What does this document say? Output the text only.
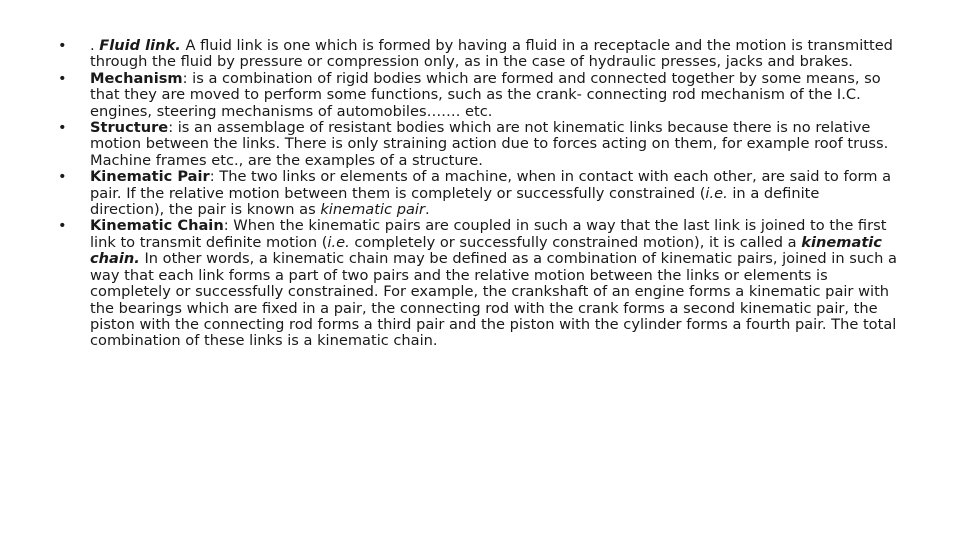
•	. Fluid link. A fluid link is one which is formed by having a fluid in a receptacle and the motion is transmitted through the fluid by pressure or compression only, as in the case of hydraulic presses, jacks and brakes.
•	Mechanism: is a combination of rigid bodies which are formed and connected together by some means, so that they are moved to perform some functions, such as the crank- connecting rod mechanism of the I.C. engines, steering mechanisms of automobiles……. etc.
•	Structure: is an assemblage of resistant bodies which are not kinematic links because there is no relative motion between the links. There is only straining action due to forces acting on them, for example roof truss. Machine frames etc., are the examples of a structure.
•	Kinematic Pair: The two links or elements of a machine, when in contact with each other, are said to form a pair. If the relative motion between them is completely or successfully constrained (i.e. in a definite direction), the pair is known as kinematic pair.
•	Kinematic Chain: When the kinematic pairs are coupled in such a way that the last link is joined to the first link to transmit definite motion (i.e. completely or successfully constrained motion), it is called a kinematic chain. In other words, a kinematic chain may be defined as a combination of kinematic pairs, joined in such a way that each link forms a part of two pairs and the relative motion between the links or elements is completely or successfully constrained. For example, the crankshaft of an engine forms a kinematic pair with the bearings which are fixed in a pair, the connecting rod with the crank forms a second kinematic pair, the piston with the connecting rod forms a third pair and the piston with the cylinder forms a fourth pair. The total combination of these links is a kinematic chain.
